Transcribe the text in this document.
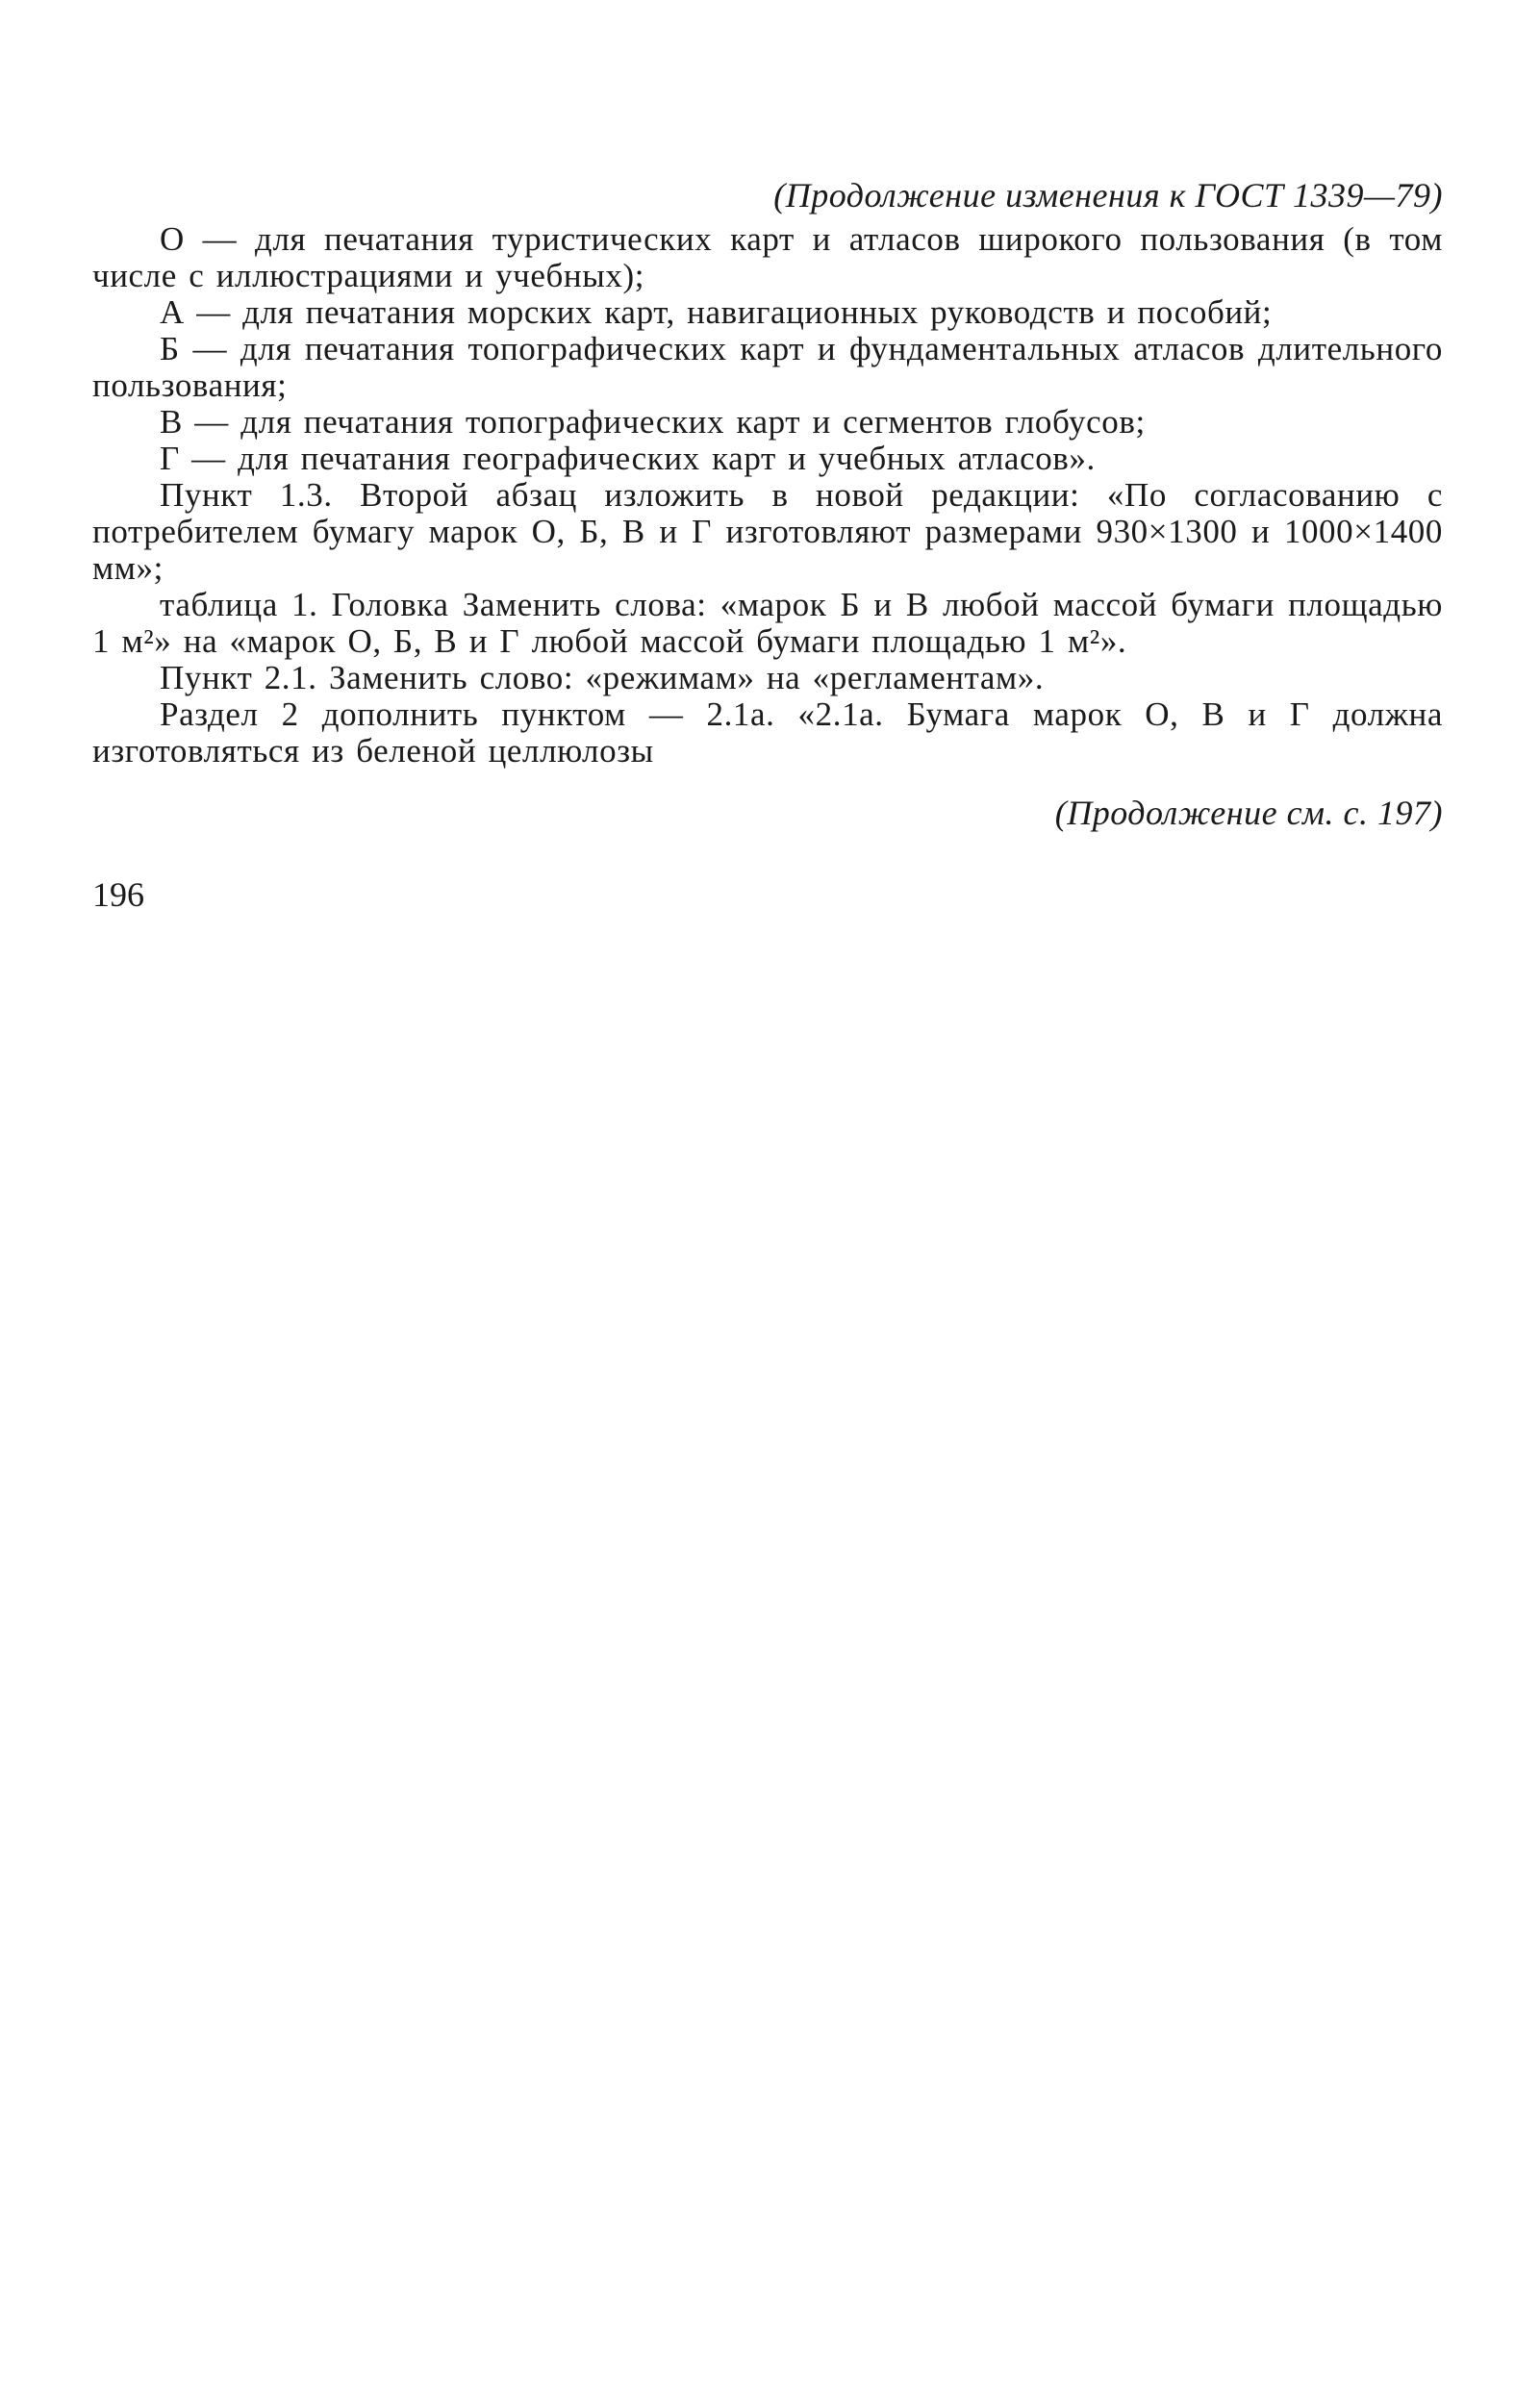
(Продолжение изменения к ГОСТ 1339—79)

О — для печатания туристических карт и атласов широкого пользования (в том числе с иллюстрациями и учебных);

А — для печатания морских карт, навигационных руководств и пособий;

Б — для печатания топографических карт и фундаментальных атласов длительного пользования;

В — для печатания топографических карт и сегментов глобусов;

Г — для печатания географических карт и учебных атласов».

Пункт 1.3. Второй абзац изложить в новой редакции: «По согласованию с потребителем бумагу марок О, Б, В и Г изготовляют размерами 930×1300 и 1000×1400 мм»;

таблица 1. Головка Заменить слова: «марок Б и В любой массой бумаги площадью 1 м²» на «марок О, Б, В и Г любой массой бумаги площадью 1 м²».

Пункт 2.1. Заменить слово: «режимам» на «регламентам».

Раздел 2 дополнить пунктом — 2.1а. «2.1а. Бумага марок О, В и Г должна изготовляться из беленой целлюлозы

(Продолжение см. с. 197)

196
